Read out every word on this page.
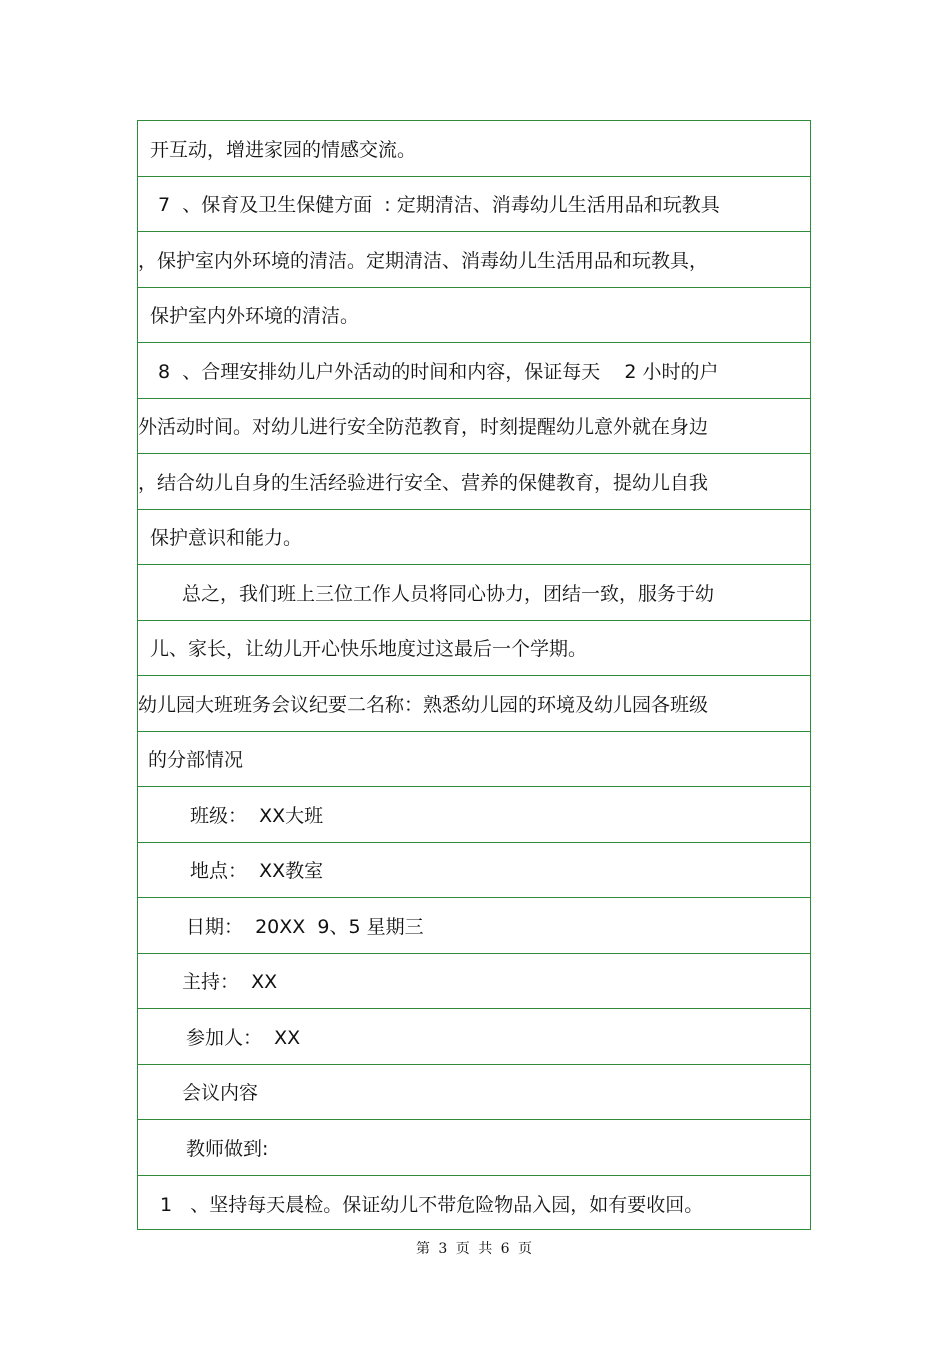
开互动，增进家园的情感交流。
7  、保育及卫生保健方面  : 定期清洁、消毒幼儿生活用品和玩教具
，保护室内外环境的清洁。定期清洁、消毒幼儿生活用品和玩教具，
保护室内外环境的清洁。
8  、合理安排幼儿户外活动的时间和内容，保证每天    2 小时的户
外活动时间。对幼儿进行安全防范教育，时刻提醒幼儿意外就在身边
，结合幼儿自身的生活经验进行安全、营养的保健教育，提幼儿自我
保护意识和能力。
总之，我们班上三位工作人员将同心协力，团结一致，服务于幼
儿、家长，让幼儿开心快乐地度过这最后一个学期。
幼儿园大班班务会议纪要二名称：熟悉幼儿园的环境及幼儿园各班级
的分部情况
班级：  XX大班
地点：  XX教室
日期：  20XX  9、5 星期三
主持：  XX
参加人：  XX
会议内容
教师做到:
1   、坚持每天晨检。保证幼儿不带危险物品入园，如有要收回。
第 3 页 共 6 页
